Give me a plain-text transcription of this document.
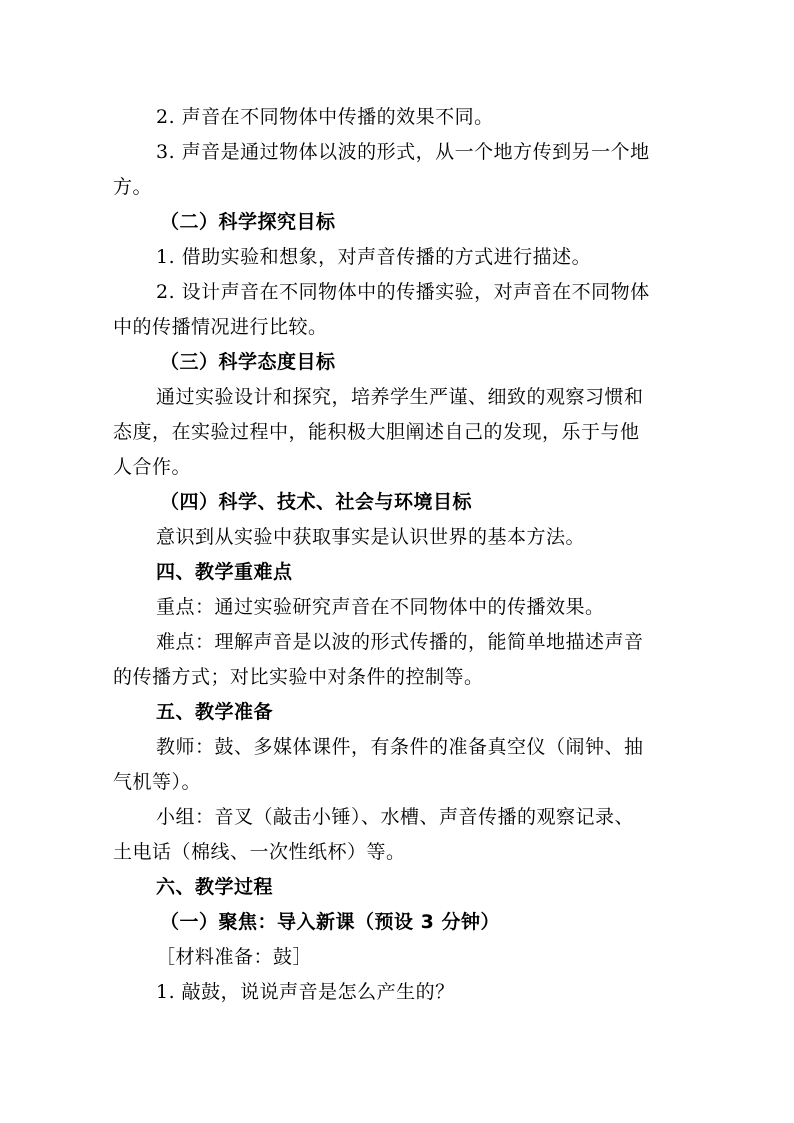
2. 声音在不同物体中传播的效果不同。
3. 声音是通过物体以波的形式，从一个地方传到另一个地
方。
（二）科学探究目标
1. 借助实验和想象，对声音传播的方式进行描述。
2. 设计声音在不同物体中的传播实验，对声音在不同物体
中的传播情况进行比较。
（三）科学态度目标
通过实验设计和探究，培养学生严谨、细致的观察习惯和
态度，在实验过程中，能积极大胆阐述自己的发现，乐于与他
人合作。
（四）科学、技术、社会与环境目标
意识到从实验中获取事实是认识世界的基本方法。
四、教学重难点
重点：通过实验研究声音在不同物体中的传播效果。
难点：理解声音是以波的形式传播的，能简单地描述声音
的传播方式；对比实验中对条件的控制等。
五、教学准备
教师：鼓、多媒体课件，有条件的准备真空仪（闹钟、抽
气机等）。
小组：音叉（敲击小锤）、水槽、声音传播的观察记录、
土电话（棉线、一次性纸杯）等。
六、教学过程
（一）聚焦：导入新课（预设 3 分钟）
［材料准备：鼓］
1. 敲鼓，说说声音是怎么产生的？
